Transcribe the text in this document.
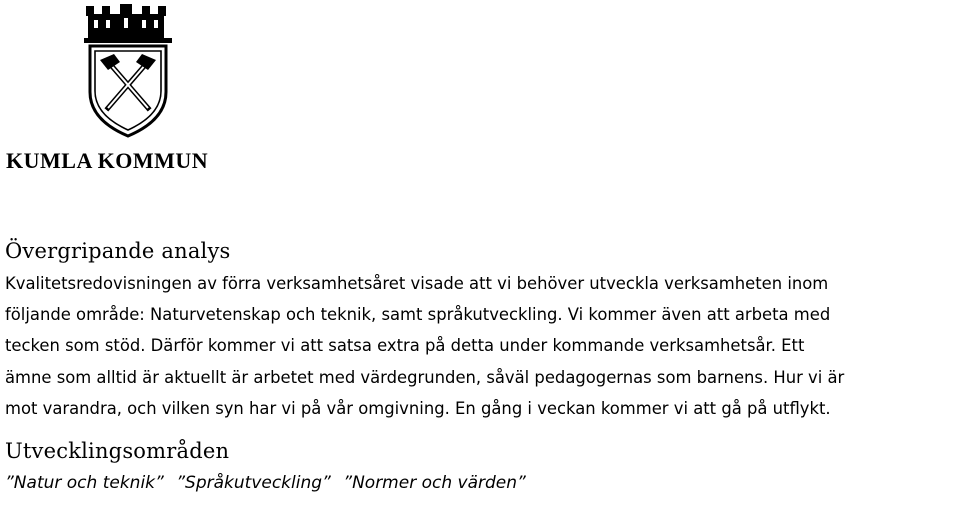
KUMLA KOMMUN
Övergripande analys

Kvalitetsredovisningen av förra verksamhetsåret visade att vi behöver utveckla verksamheten inom
följande område: Naturvetenskap och teknik, samt språkutveckling. Vi kommer även att arbeta med
tecken som stöd. Därför kommer vi att satsa extra på detta under kommande verksamhetsår. Ett
ämne som alltid är aktuellt är arbetet med värdegrunden, såväl pedagogernas som barnens. Hur vi är
mot varandra, och vilken syn har vi på vår omgivning. En gång i veckan kommer vi att gå på utflykt.

Utvecklingsområden

”Natur och teknik” ”Språkutveckling” ”Normer och värden”
